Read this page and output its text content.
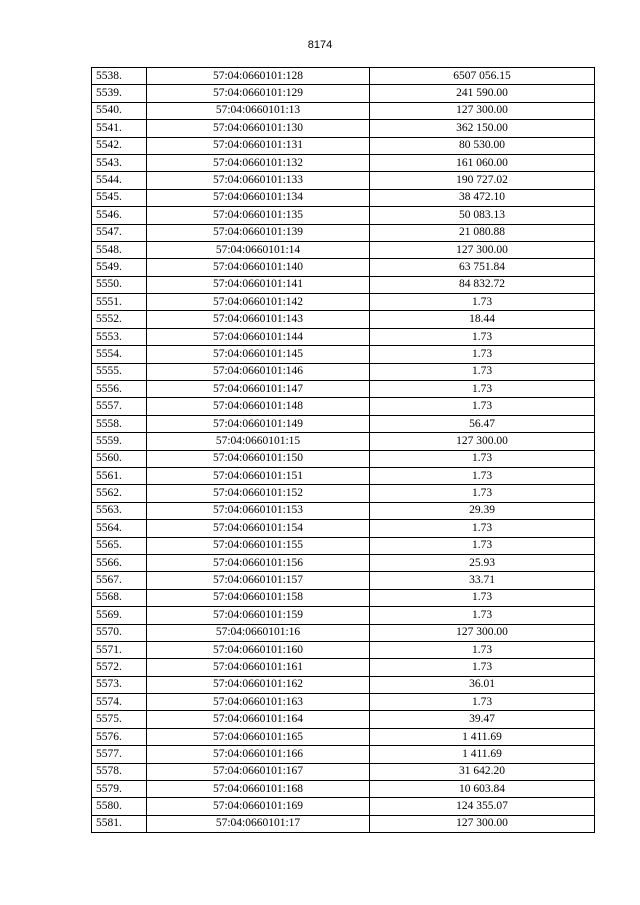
8174
5538.	57:04:0660101:128	6507 056.15
5539.	57:04:0660101:129	241 590.00
5540.	57:04:0660101:13	127 300.00
5541.	57:04:0660101:130	362 150.00
5542.	57:04:0660101:131	80 530.00
5543.	57:04:0660101:132	161 060.00
5544.	57:04:0660101:133	190 727.02
5545.	57:04:0660101:134	38 472.10
5546.	57:04:0660101:135	50 083.13
5547.	57:04:0660101:139	21 080.88
5548.	57:04:0660101:14	127 300.00
5549.	57:04:0660101:140	63 751.84
5550.	57:04:0660101:141	84 832.72
5551.	57:04:0660101:142	1.73
5552.	57:04:0660101:143	18.44
5553.	57:04:0660101:144	1.73
5554.	57:04:0660101:145	1.73
5555.	57:04:0660101:146	1.73
5556.	57:04:0660101:147	1.73
5557.	57:04:0660101:148	1.73
5558.	57:04:0660101:149	56.47
5559.	57:04:0660101:15	127 300.00
5560.	57:04:0660101:150	1.73
5561.	57:04:0660101:151	1.73
5562.	57:04:0660101:152	1.73
5563.	57:04:0660101:153	29.39
5564.	57:04:0660101:154	1.73
5565.	57:04:0660101:155	1.73
5566.	57:04:0660101:156	25.93
5567.	57:04:0660101:157	33.71
5568.	57:04:0660101:158	1.73
5569.	57:04:0660101:159	1.73
5570.	57:04:0660101:16	127 300.00
5571.	57:04:0660101:160	1.73
5572.	57:04:0660101:161	1.73
5573.	57:04:0660101:162	36.01
5574.	57:04:0660101:163	1.73
5575.	57:04:0660101:164	39.47
5576.	57:04:0660101:165	1 411.69
5577.	57:04:0660101:166	1 411.69
5578.	57:04:0660101:167	31 642.20
5579.	57:04:0660101:168	10 603.84
5580.	57:04:0660101:169	124 355.07
5581.	57:04:0660101:17	127 300.00
